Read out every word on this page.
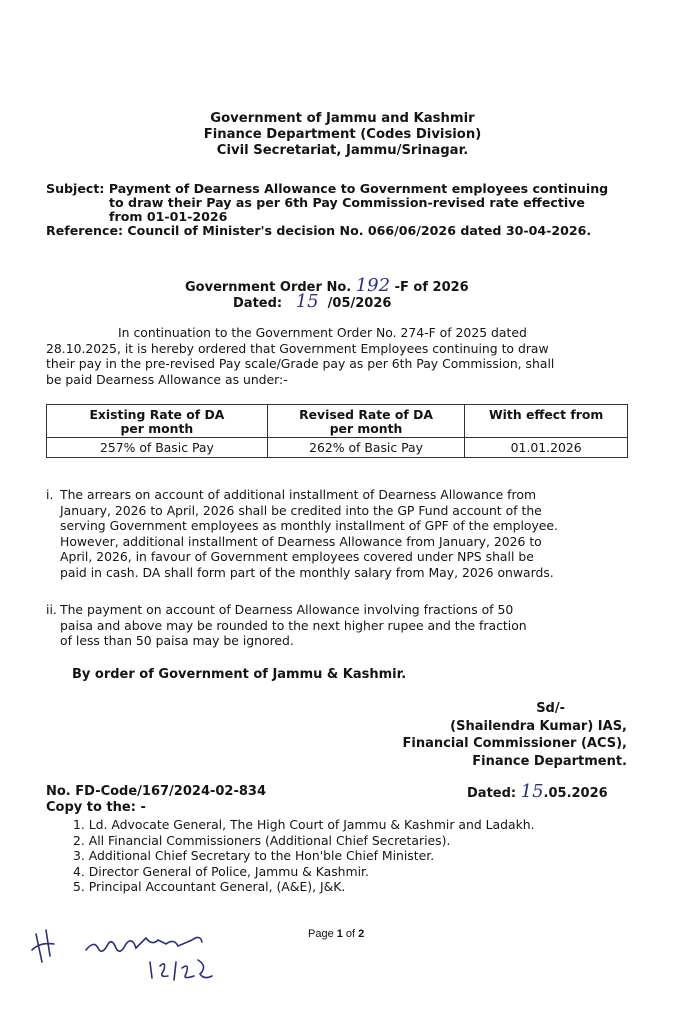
Government of Jammu and Kashmir
Finance Department (Codes Division)
Civil Secretariat, Jammu/Srinagar.
Subject: Payment of Dearness Allowance to Government employees continuing
to draw their Pay as per 6th Pay Commission-revised rate effective
from 01-01-2026
Reference: Council of Minister's decision No. 066/06/2026 dated 30-04-2026.
Government Order No. 192 -F of 2026
Dated: 15 /05/2026
In continuation to the Government Order No. 274-F of 2025 dated
28.10.2025, it is hereby ordered that Government Employees continuing to draw
their pay in the pre-revised Pay scale/Grade pay as per 6th Pay Commission, shall
be paid Dearness Allowance as under:-
Existing Rate of DA
per month	Revised Rate of DA
per month	With effect from
257% of Basic Pay	262% of Basic Pay	01.01.2026
i. The arrears on account of additional installment of Dearness Allowance from
January, 2026 to April, 2026 shall be credited into the GP Fund account of the
serving Government employees as monthly installment of GPF of the employee.
However, additional installment of Dearness Allowance from January, 2026 to
April, 2026, in favour of Government employees covered under NPS shall be
paid in cash. DA shall form part of the monthly salary from May, 2026 onwards.
ii. The payment on account of Dearness Allowance involving fractions of 50
paisa and above may be rounded to the next higher rupee and the fraction
of less than 50 paisa may be ignored.
By order of Government of Jammu & Kashmir.
Sd/-
(Shailendra Kumar) IAS,
Financial Commissioner (ACS),
Finance Department.
No. FD-Code/167/2024-02-834	Dated: 15.05.2026
Copy to the: -
1. Ld. Advocate General, The High Court of Jammu & Kashmir and Ladakh.
2. All Financial Commissioners (Additional Chief Secretaries).
3. Additional Chief Secretary to the Hon'ble Chief Minister.
4. Director General of Police, Jammu & Kashmir.
5. Principal Accountant General, (A&E), J&K.
Page 1 of 2
